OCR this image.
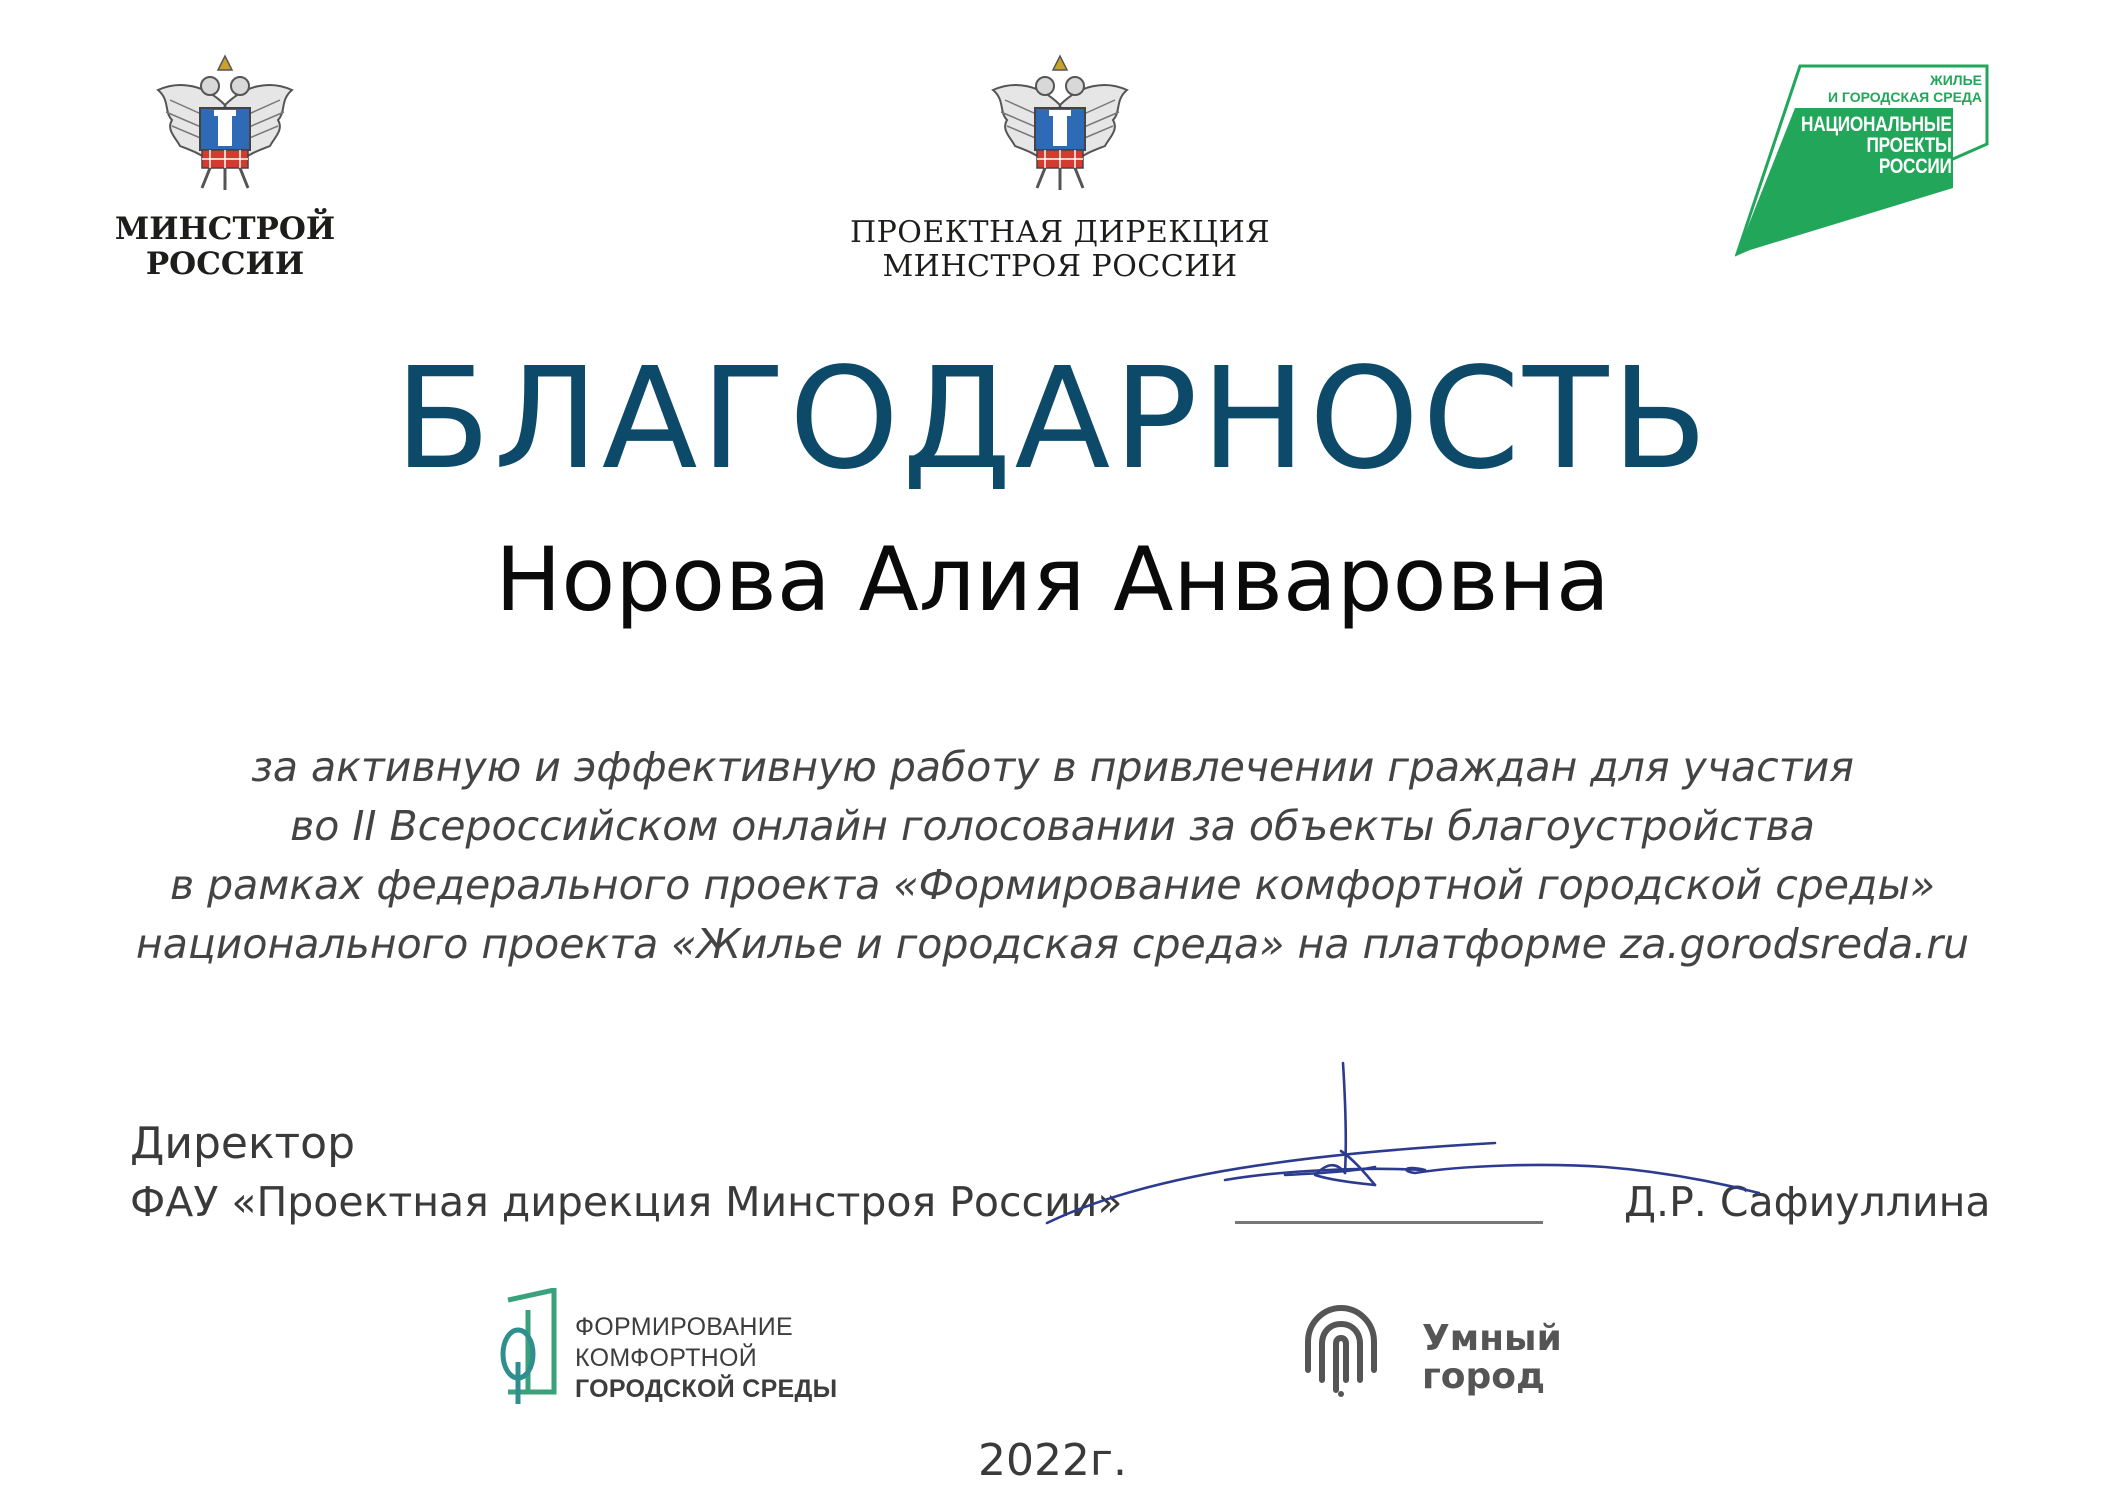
МИНСТРОЙ
РОССИИ
ПРОЕКТНАЯ ДИРЕКЦИЯ
МИНСТРОЯ РОССИИ
ЖИЛЬЕ
И ГОРОДСКАЯ СРЕДА
НАЦИОНАЛЬНЫЕ
ПРОЕКТЫ
РОССИИ
БЛАГОДАРНОСТЬ
Норова Алия Анваровна
за активную и эффективную работу в привлечении граждан для участия
во II Всероссийском онлайн голосовании за объекты благоустройства
в рамках федерального проекта «Формирование комфортной городской среды»
национального проекта «Жилье и городская среда» на платформе za.gorodsreda.ru
Директор
ФАУ «Проектная дирекция Минстроя России»	Д.Р. Сафиуллина
ФОРМИРОВАНИЕ
КОМФОРТНОЙ
ГОРОДСКОЙ СРЕДЫ
Умный
город
2022г.
